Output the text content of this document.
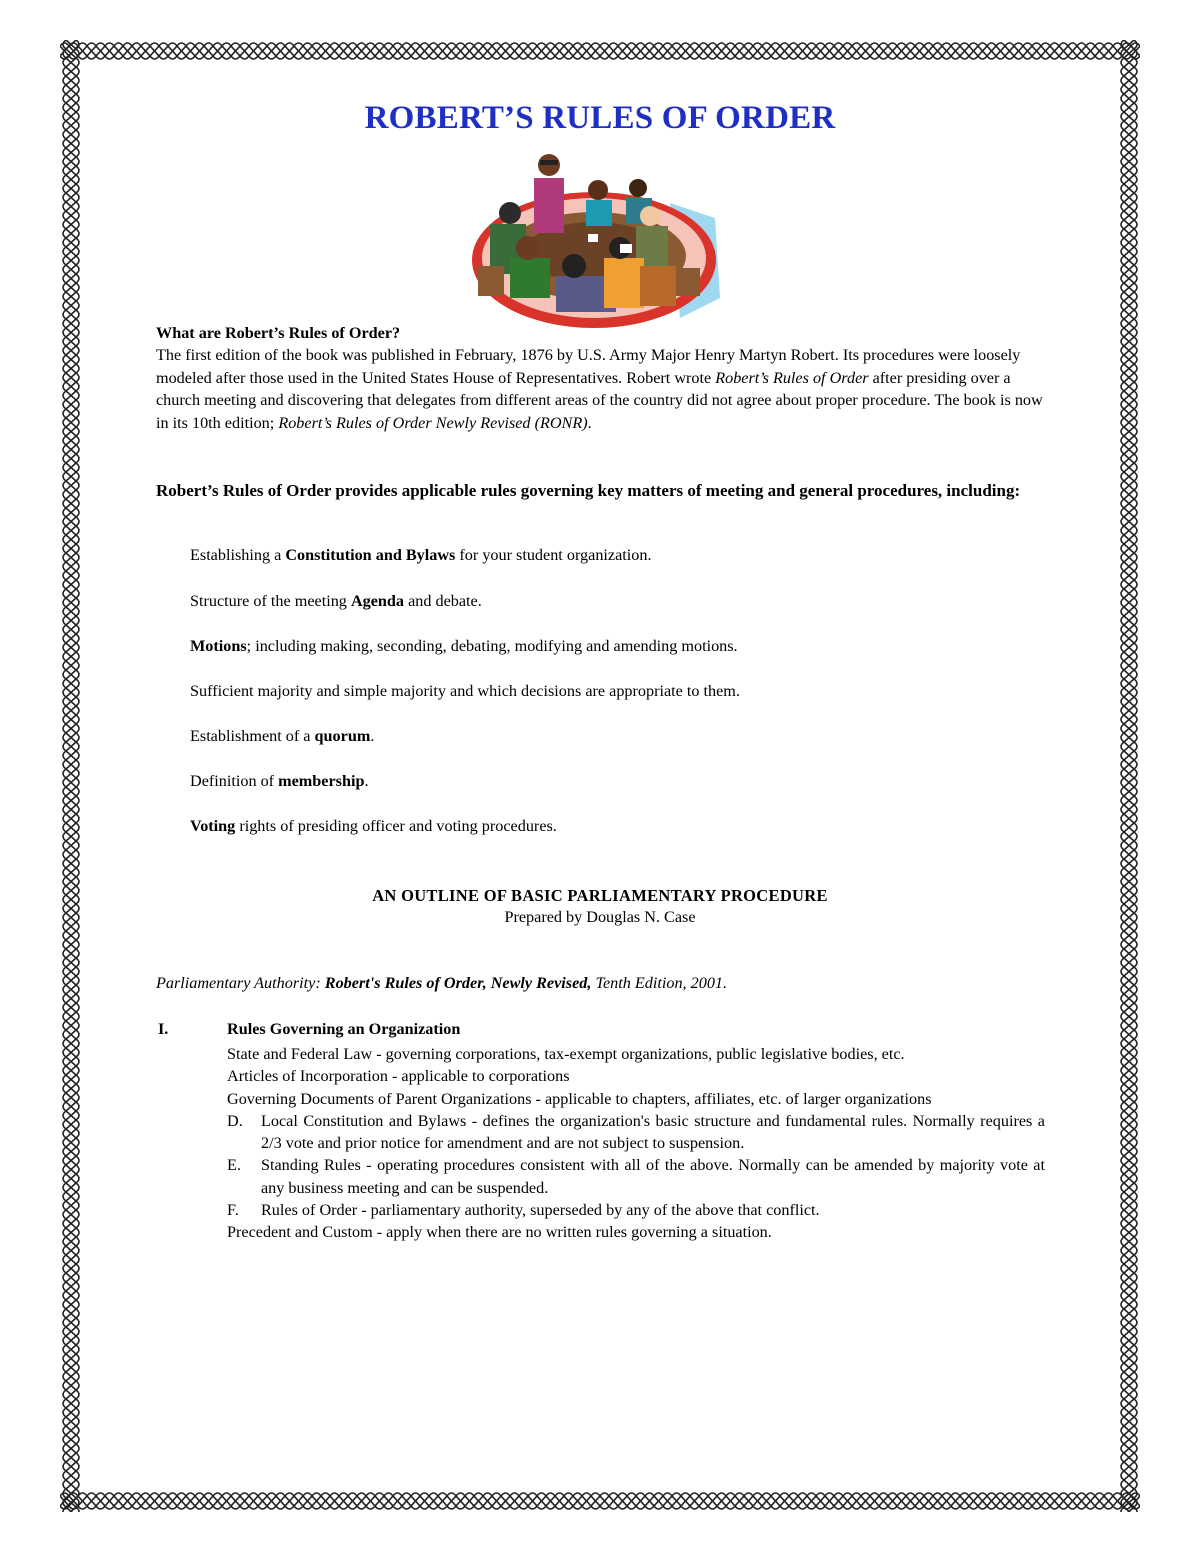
ROBERT’S RULES OF ORDER
What are Robert’s Rules of Order?
The first edition of the book was published in February, 1876 by U.S. Army Major Henry Martyn Robert. Its procedures were loosely modeled after those used in the United States House of Representatives. Robert wrote Robert’s Rules of Order after presiding over a church meeting and discovering that delegates from different areas of the country did not agree about proper procedure. The book is now in its 10th edition; Robert’s Rules of Order Newly Revised (RONR).
Robert’s Rules of Order provides applicable rules governing key matters of meeting and general procedures, including:
Establishing a Constitution and Bylaws for your student organization.
Structure of the meeting Agenda and debate.
Motions; including making, seconding, debating, modifying and amending motions.
Sufficient majority and simple majority and which decisions are appropriate to them.
Establishment of a quorum.
Definition of membership.
Voting rights of presiding officer and voting procedures.
AN OUTLINE OF BASIC PARLIAMENTARY PROCEDURE
Prepared by Douglas N. Case
Parliamentary Authority: Robert's Rules of Order, Newly Revised, Tenth Edition, 2001.
I.	Rules Governing an Organization
State and Federal Law - governing corporations, tax-exempt organizations, public legislative bodies, etc.
Articles of Incorporation - applicable to corporations
Governing Documents of Parent Organizations - applicable to chapters, affiliates, etc. of larger organizations
D. Local Constitution and Bylaws - defines the organization's basic structure and fundamental rules. Normally requires a 2/3 vote and prior notice for amendment and are not subject to suspension.
E. Standing Rules - operating procedures consistent with all of the above. Normally can be amended by majority vote at any business meeting and can be suspended.
F. Rules of Order - parliamentary authority, superseded by any of the above that conflict.
Precedent and Custom - apply when there are no written rules governing a situation.
